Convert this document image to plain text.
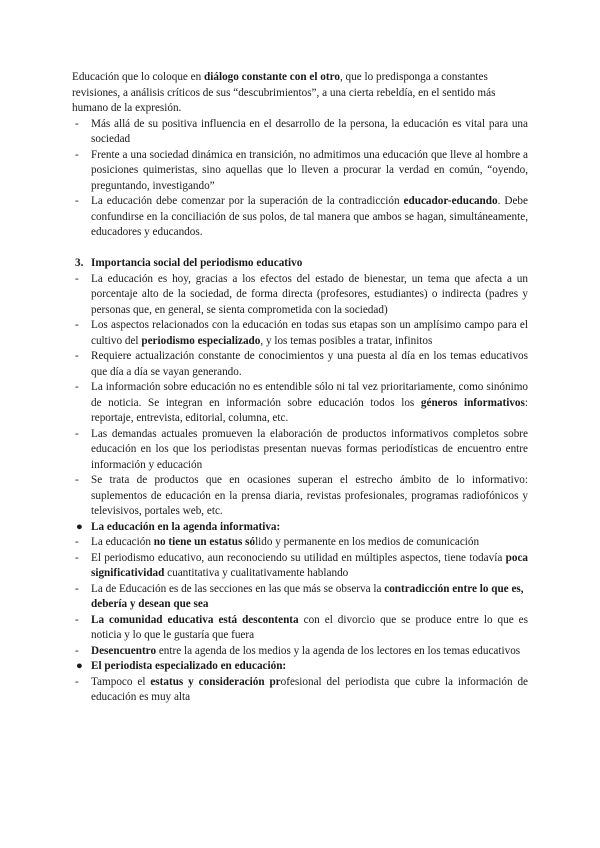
Educación que lo coloque en diálogo constante con el otro, que lo predisponga a constantes revisiones, a análisis críticos de sus “descubrimientos”, a una cierta rebeldía, en el sentido más humano de la expresión.
-	Más allá de su positiva influencia en el desarrollo de la persona, la educación es vital para una sociedad
-	Frente a una sociedad dinámica en transición, no admitimos una educación que lleve al hombre a posiciones quimeristas, sino aquellas que lo lleven a procurar la verdad en común, “oyendo, preguntando, investigando”
-	La educación debe comenzar por la superación de la contradicción educador-educando. Debe confundirse en la conciliación de sus polos, de tal manera que ambos se hagan, simultáneamente, educadores y educandos.
3. Importancia social del periodismo educativo
-	La educación es hoy, gracias a los efectos del estado de bienestar, un tema que afecta a un porcentaje alto de la sociedad, de forma directa (profesores, estudiantes) o indirecta (padres y personas que, en general, se sienta comprometida con la sociedad)
-	Los aspectos relacionados con la educación en todas sus etapas son un amplísimo campo para el cultivo del periodismo especializado, y los temas posibles a tratar, infinitos
-	Requiere actualización constante de conocimientos y una puesta al día en los temas educativos que día a día se vayan generando.
-	La información sobre educación no es entendible sólo ni tal vez prioritariamente, como sinónimo de noticia. Se integran en información sobre educación todos los géneros informativos: reportaje, entrevista, editorial, columna, etc.
-	Las demandas actuales promueven la elaboración de productos informativos completos sobre educación en los que los periodistas presentan nuevas formas periodísticas de encuentro entre información y educación
-	Se trata de productos que en ocasiones superan el estrecho ámbito de lo informativo: suplementos de educación en la prensa diaria, revistas profesionales, programas radiofónicos y televisivos, portales web, etc.
● La educación en la agenda informativa:
-	La educación no tiene un estatus sólido y permanente en los medios de comunicación
-	El periodismo educativo, aun reconociendo su utilidad en múltiples aspectos, tiene todavía poca significatividad cuantitativa y cualitativamente hablando
-	La de Educación es de las secciones en las que más se observa la contradicción entre lo que es, debería y desean que sea
-	La comunidad educativa está descontenta con el divorcio que se produce entre lo que es noticia y lo que le gustaría que fuera
-	Desencuentro entre la agenda de los medios y la agenda de los lectores en los temas educativos
● El periodista especializado en educación:
-	Tampoco el estatus y consideración profesional del periodista que cubre la información de educación es muy alta
